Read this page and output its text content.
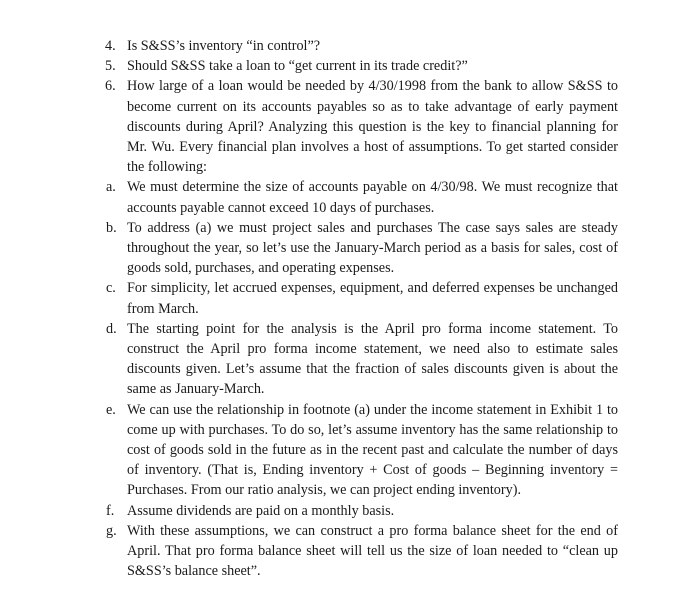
4. Is S&SS’s inventory “in control”?
5. Should S&SS take a loan to “get current in its trade credit?”
6. How large of a loan would be needed by 4/30/1998 from the bank to allow S&SS to become current on its accounts payables so as to take advantage of early payment discounts during April? Analyzing this question is the key to financial planning for Mr. Wu. Every financial plan involves a host of assumptions. To get started consider the following:
a. We must determine the size of accounts payable on 4/30/98. We must recognize that accounts payable cannot exceed 10 days of purchases.
b. To address (a) we must project sales and purchases The case says sales are steady throughout the year, so let’s use the January-March period as a basis for sales, cost of goods sold, purchases, and operating expenses.
c. For simplicity, let accrued expenses, equipment, and deferred expenses be unchanged from March.
d. The starting point for the analysis is the April pro forma income statement. To construct the April pro forma income statement, we need also to estimate sales discounts given. Let’s assume that the fraction of sales discounts given is about the same as January-March.
e. We can use the relationship in footnote (a) under the income statement in Exhibit 1 to come up with purchases. To do so, let’s assume inventory has the same relationship to cost of goods sold in the future as in the recent past and calculate the number of days of inventory. (That is, Ending inventory + Cost of goods – Beginning inventory = Purchases. From our ratio analysis, we can project ending inventory).
f. Assume dividends are paid on a monthly basis.
g. With these assumptions, we can construct a pro forma balance sheet for the end of April. That pro forma balance sheet will tell us the size of loan needed to “clean up S&SS’s balance sheet”.
